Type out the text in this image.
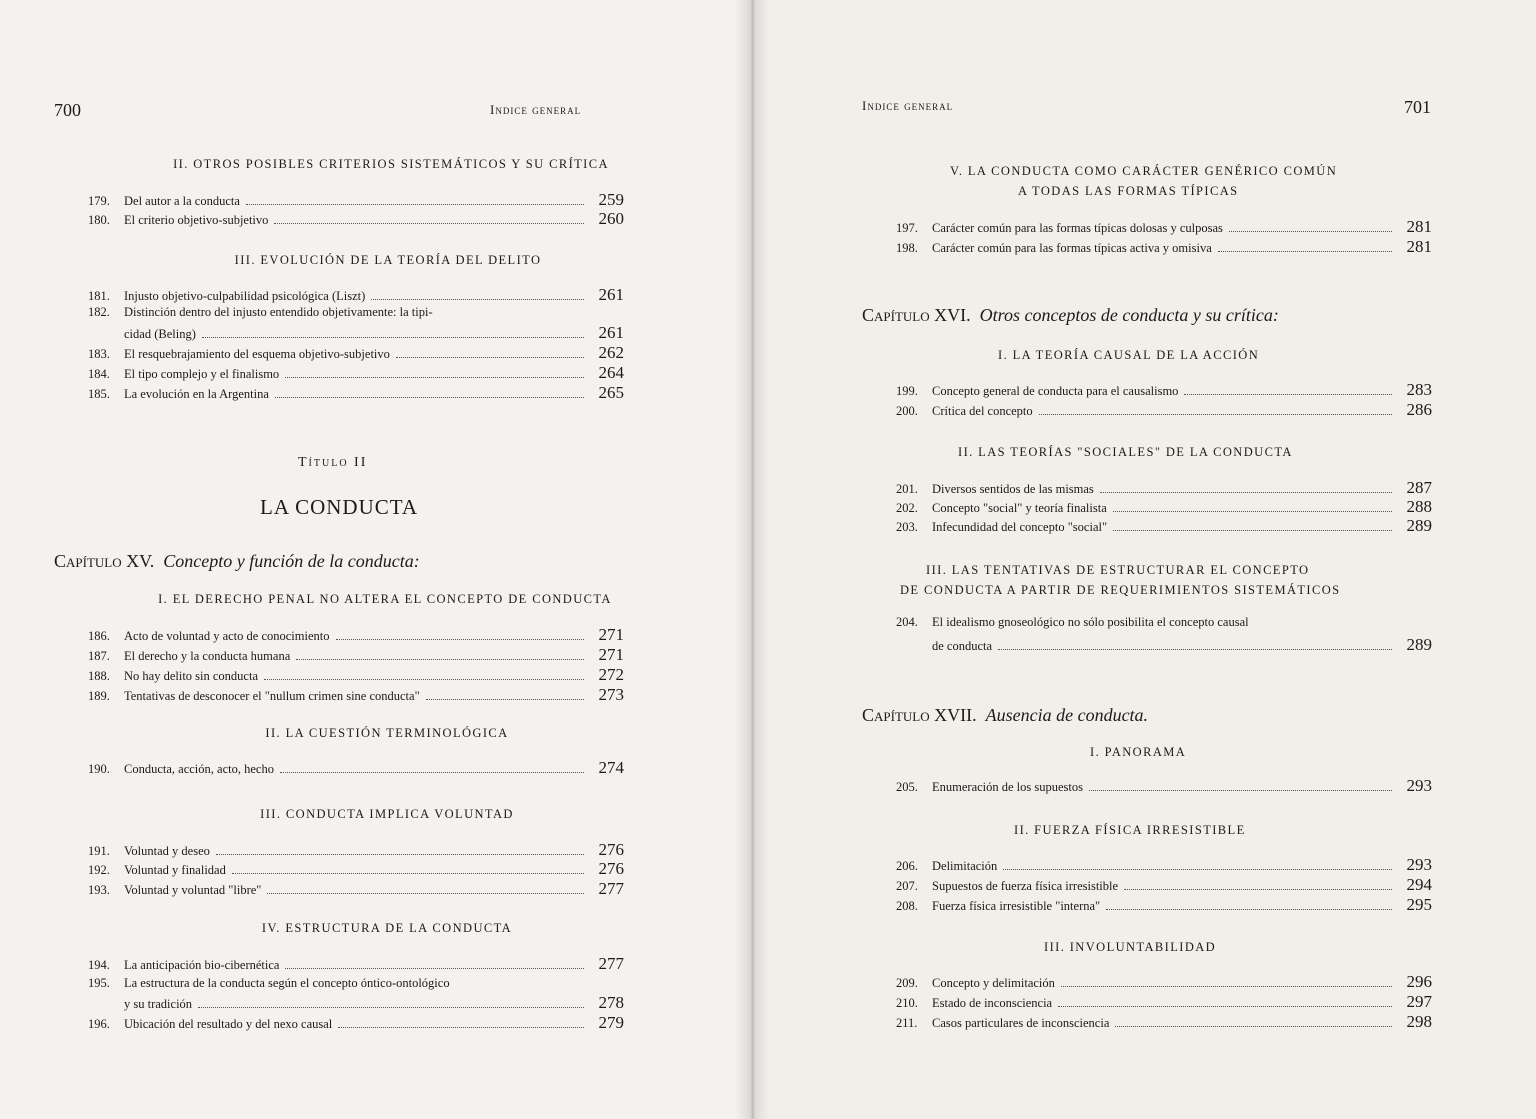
700	Indice general
II. OTROS POSIBLES CRITERIOS SISTEMÁTICOS Y SU CRÍTICA
179.	Del autor a la conducta	259
180.	El criterio objetivo-subjetivo	260
III. EVOLUCIÓN DE LA TEORÍA DEL DELITO
181.	Injusto objetivo-culpabilidad psicológica (Liszt)	261
182. Distinción dentro del injusto entendido objetivamente: la tipi-
cidad (Beling)	261
183.	El resquebrajamiento del esquema objetivo-subjetivo	262
184.	El tipo complejo y el finalismo	264
185.	La evolución en la Argentina	265
Título II
LA CONDUCTA
Capítulo XV. Concepto y función de la conducta:
I. EL DERECHO PENAL NO ALTERA EL CONCEPTO DE CONDUCTA
186.	Acto de voluntad y acto de conocimiento	271
187.	El derecho y la conducta humana	271
188.	No hay delito sin conducta	272
189.	Tentativas de desconocer el "nullum crimen sine conducta"	273
II. LA CUESTIÓN TERMINOLÓGICA
190.	Conducta, acción, acto, hecho	274
III. CONDUCTA IMPLICA VOLUNTAD
191.	Voluntad y deseo	276
192.	Voluntad y finalidad	276
193.	Voluntad y voluntad "libre"	277
IV. ESTRUCTURA DE LA CONDUCTA
194.	La anticipación bio-cibernética	277
195. La estructura de la conducta según el concepto óntico-ontológico
y su tradición	278
196.	Ubicación del resultado y del nexo causal	279
Indice general	701
V. LA CONDUCTA COMO CARÁCTER GENÉRICO COMÚN
A TODAS LAS FORMAS TÍPICAS
197.	Carácter común para las formas típicas dolosas y culposas	281
198.	Carácter común para las formas típicas activa y omisiva	281
Capítulo XVI. Otros conceptos de conducta y su crítica:
I. LA TEORÍA CAUSAL DE LA ACCIÓN
199.	Concepto general de conducta para el causalismo	283
200.	Crítica del concepto	286
II. LAS TEORÍAS "SOCIALES" DE LA CONDUCTA
201.	Diversos sentidos de las mismas	287
202.	Concepto "social" y teoría finalista	288
203.	Infecundidad del concepto "social"	289
III. LAS TENTATIVAS DE ESTRUCTURAR EL CONCEPTO
DE CONDUCTA A PARTIR DE REQUERIMIENTOS SISTEMÁTICOS
204. El idealismo gnoseológico no sólo posibilita el concepto causal
de conducta	289
Capítulo XVII. Ausencia de conducta.
I. PANORAMA
205.	Enumeración de los supuestos	293
II. FUERZA FÍSICA IRRESISTIBLE
206.	Delimitación	293
207.	Supuestos de fuerza física irresistible	294
208.	Fuerza física irresistible "interna"	295
III. INVOLUNTABILIDAD
209.	Concepto y delimitación	296
210.	Estado de inconsciencia	297
211.	Casos particulares de inconsciencia	298
